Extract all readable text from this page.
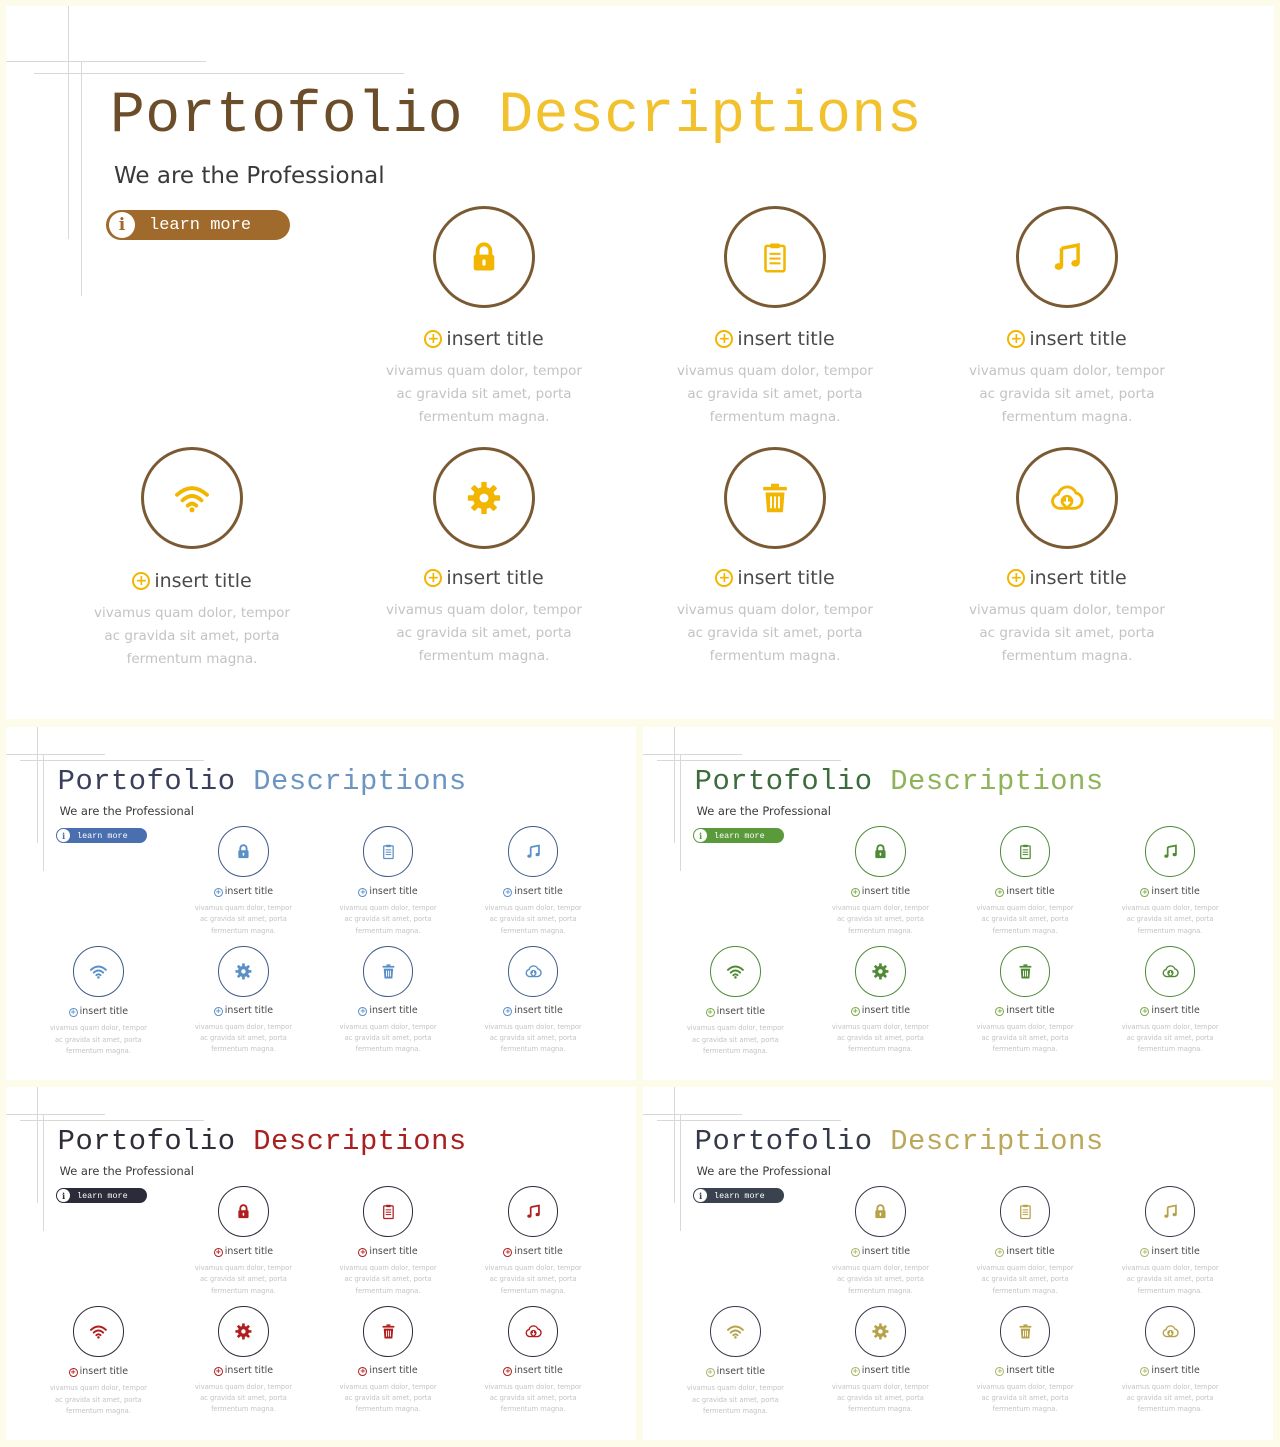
Portofolio Descriptions
We are the Professional
i	learn more
+ insert title
vivamus quam dolor, tempor
ac gravida sit amet, porta
fermentum magna.
+ insert title
vivamus quam dolor, tempor
ac gravida sit amet, porta
fermentum magna.
+ insert title
vivamus quam dolor, tempor
ac gravida sit amet, porta
fermentum magna.
+ insert title
vivamus quam dolor, tempor
ac gravida sit amet, porta
fermentum magna.
+ insert title
vivamus quam dolor, tempor
ac gravida sit amet, porta
fermentum magna.
+ insert title
vivamus quam dolor, tempor
ac gravida sit amet, porta
fermentum magna.
+ insert title
vivamus quam dolor, tempor
ac gravida sit amet, porta
fermentum magna.
Portofolio Descriptions
We are the Professional
i	learn more
+ insert title
vivamus quam dolor, tempor
ac gravida sit amet, porta
fermentum magna.
+ insert title
vivamus quam dolor, tempor
ac gravida sit amet, porta
fermentum magna.
+ insert title
vivamus quam dolor, tempor
ac gravida sit amet, porta
fermentum magna.
+ insert title
vivamus quam dolor, tempor
ac gravida sit amet, porta
fermentum magna.
+ insert title
vivamus quam dolor, tempor
ac gravida sit amet, porta
fermentum magna.
+ insert title
vivamus quam dolor, tempor
ac gravida sit amet, porta
fermentum magna.
+ insert title
vivamus quam dolor, tempor
ac gravida sit amet, porta
fermentum magna.
Portofolio Descriptions
We are the Professional
i	learn more
+ insert title
vivamus quam dolor, tempor
ac gravida sit amet, porta
fermentum magna.
+ insert title
vivamus quam dolor, tempor
ac gravida sit amet, porta
fermentum magna.
+ insert title
vivamus quam dolor, tempor
ac gravida sit amet, porta
fermentum magna.
+ insert title
vivamus quam dolor, tempor
ac gravida sit amet, porta
fermentum magna.
+ insert title
vivamus quam dolor, tempor
ac gravida sit amet, porta
fermentum magna.
+ insert title
vivamus quam dolor, tempor
ac gravida sit amet, porta
fermentum magna.
+ insert title
vivamus quam dolor, tempor
ac gravida sit amet, porta
fermentum magna.
Portofolio Descriptions
We are the Professional
i	learn more
+ insert title
vivamus quam dolor, tempor
ac gravida sit amet, porta
fermentum magna.
+ insert title
vivamus quam dolor, tempor
ac gravida sit amet, porta
fermentum magna.
+ insert title
vivamus quam dolor, tempor
ac gravida sit amet, porta
fermentum magna.
+ insert title
vivamus quam dolor, tempor
ac gravida sit amet, porta
fermentum magna.
+ insert title
vivamus quam dolor, tempor
ac gravida sit amet, porta
fermentum magna.
+ insert title
vivamus quam dolor, tempor
ac gravida sit amet, porta
fermentum magna.
+ insert title
vivamus quam dolor, tempor
ac gravida sit amet, porta
fermentum magna.
Portofolio Descriptions
We are the Professional
i	learn more
+ insert title
vivamus quam dolor, tempor
ac gravida sit amet, porta
fermentum magna.
+ insert title
vivamus quam dolor, tempor
ac gravida sit amet, porta
fermentum magna.
+ insert title
vivamus quam dolor, tempor
ac gravida sit amet, porta
fermentum magna.
+ insert title
vivamus quam dolor, tempor
ac gravida sit amet, porta
fermentum magna.
+ insert title
vivamus quam dolor, tempor
ac gravida sit amet, porta
fermentum magna.
+ insert title
vivamus quam dolor, tempor
ac gravida sit amet, porta
fermentum magna.
+ insert title
vivamus quam dolor, tempor
ac gravida sit amet, porta
fermentum magna.
